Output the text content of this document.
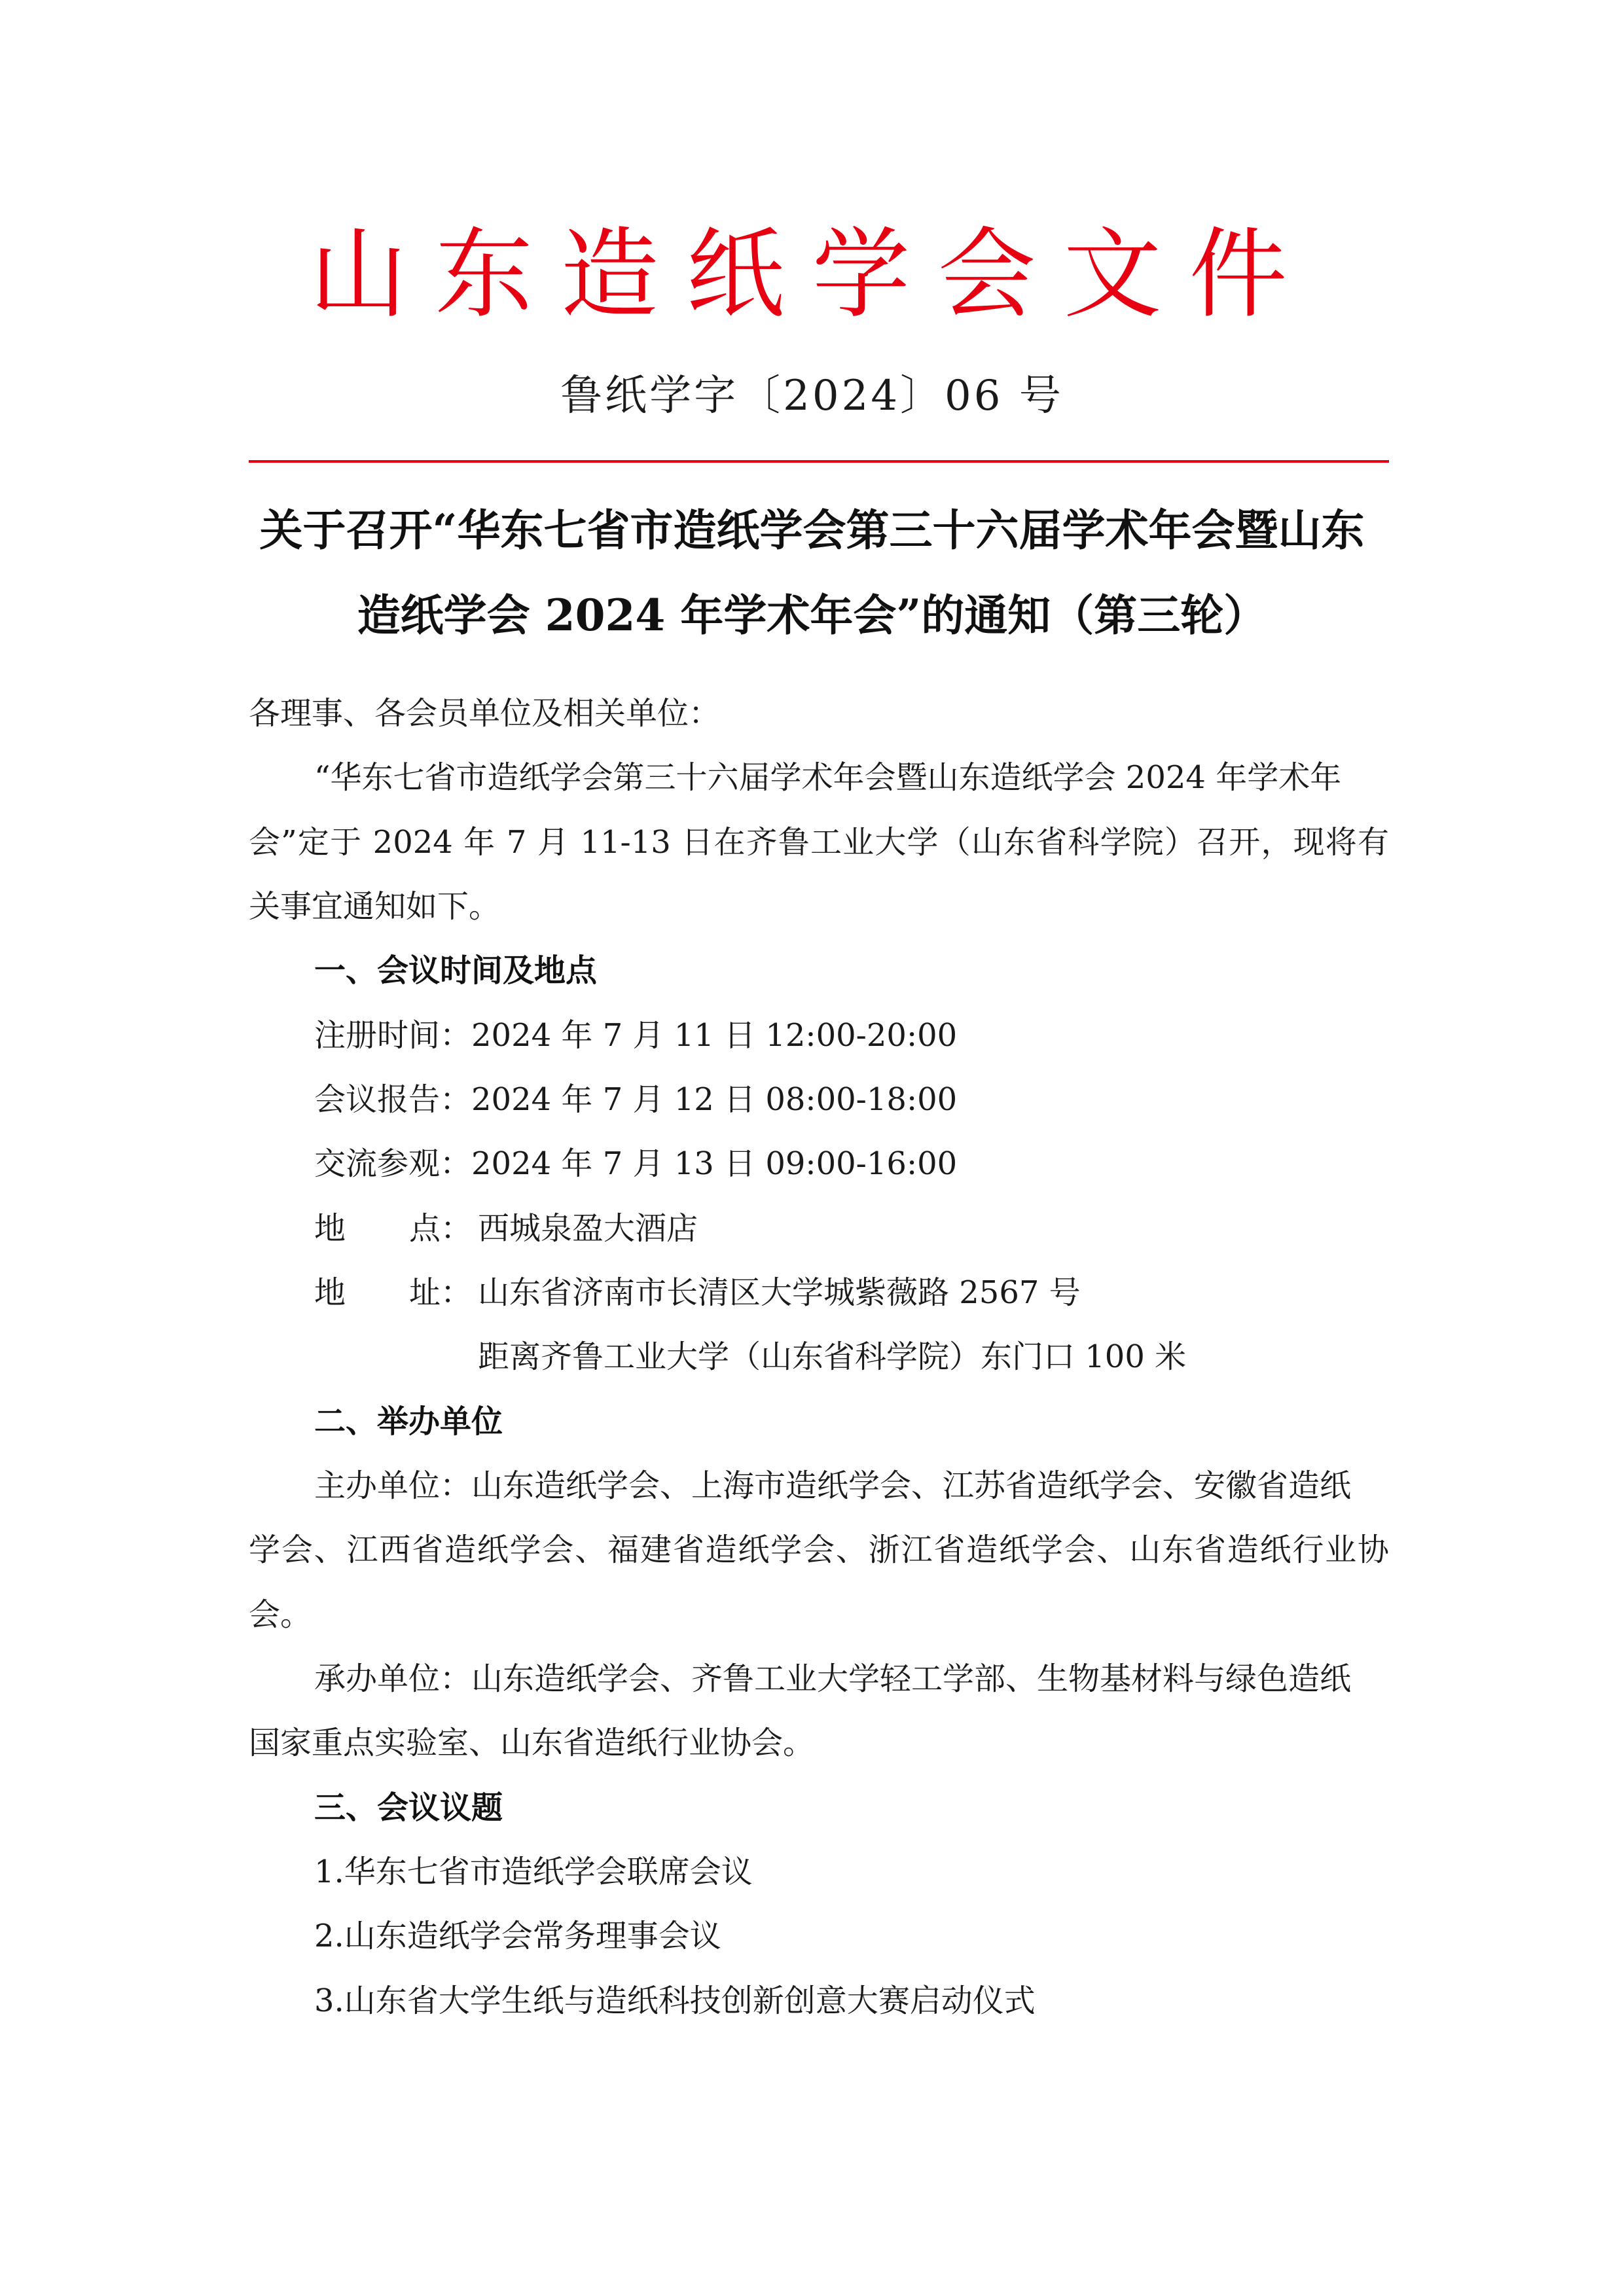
山东造纸学会文件
鲁纸学字〔2024〕06 号
关于召开“华东七省市造纸学会第三十六届学术年会暨山东
造纸学会 2024 年学术年会”的通知（第三轮）
各理事、各会员单位及相关单位：
“华东七省市造纸学会第三十六届学术年会暨山东造纸学会 2024 年学术年
会”定于 2024 年 7 月 11-13 日在齐鲁工业大学（山东省科学院）召开，现将有
关事宜通知如下。
一、会议时间及地点
注册时间：2024 年 7 月 11 日 12:00-20:00
会议报告：2024 年 7 月 12 日 08:00-18:00
交流参观：2024 年 7 月 13 日 09:00-16:00
地 点： 西城泉盈大酒店
地 址： 山东省济南市长清区大学城紫薇路 2567 号
距离齐鲁工业大学（山东省科学院）东门口 100 米
二、举办单位
主办单位：山东造纸学会、上海市造纸学会、江苏省造纸学会、安徽省造纸
学会、江西省造纸学会、福建省造纸学会、浙江省造纸学会、山东省造纸行业协
会。
承办单位：山东造纸学会、齐鲁工业大学轻工学部、生物基材料与绿色造纸
国家重点实验室、山东省造纸行业协会。
三、会议议题
1.华东七省市造纸学会联席会议
2.山东造纸学会常务理事会议
3.山东省大学生纸与造纸科技创新创意大赛启动仪式
